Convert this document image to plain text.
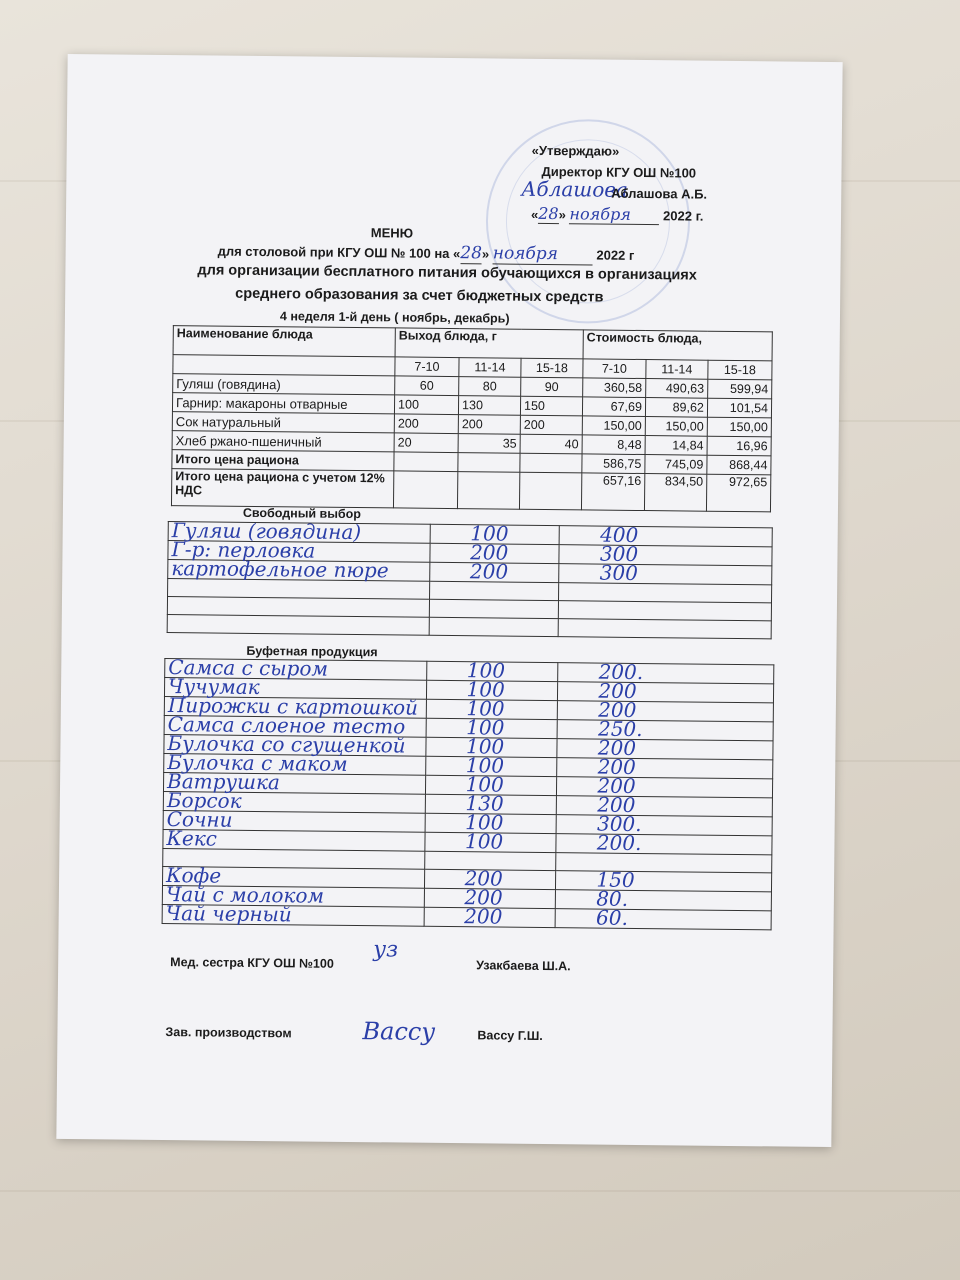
«Утверждаю»
Директор КГУ ОШ №100
Аблашова
Аблашова А.Б.
«28» ноября 2022 г.
МЕНЮ
для столовой при КГУ ОШ № 100 на «28» ноября	2022 г
для организации бесплатного питания обучающихся в организациях
среднего образования за счет бюджетных средств
4 неделя 1-й день ( ноябрь, декабрь)
Наименование блюда	Выход блюда, г			Стоимость блюда,		
	7-10	11-14	15-18	7-10	11-14	15-18
Гуляш (говядина)	60	80	90	360,58	490,63	599,94
Гарнир: макароны отварные	100	130	150	67,69	89,62	101,54
Сок натуральный	200	200	200	150,00	150,00	150,00
Хлеб ржано-пшеничный	20	35	40	8,48	14,84	16,96
Итого цена рациона				586,75	745,09	868,44
Итого цена рациона с учетом 12% НДС				657,16	834,50	972,65
Свободный выбор
Гуляш (говядина)	100	400
Г-р: перловка	200	300
картофельное пюре	200	300

Буфетная продукция
Самса с сыром	100	200.
Чучумак	100	200
Пирожки с картошкой	100	200
Самса слоеное тесто	100	250.
Булочка со сгущенкой	100	200
Булочка с маком	100	200
Ватрушка	100	200
Борсок	130	200
Сочни	100	300.
Кекс	100	200.

Кофе	200	150
Чай с молоком	200	80.
Чай черный	200	60.
Мед. сестра КГУ ОШ №100
уз
Узакбаева Ш.А.
Зав. производством	Вассу	Вассу Г.Ш.
